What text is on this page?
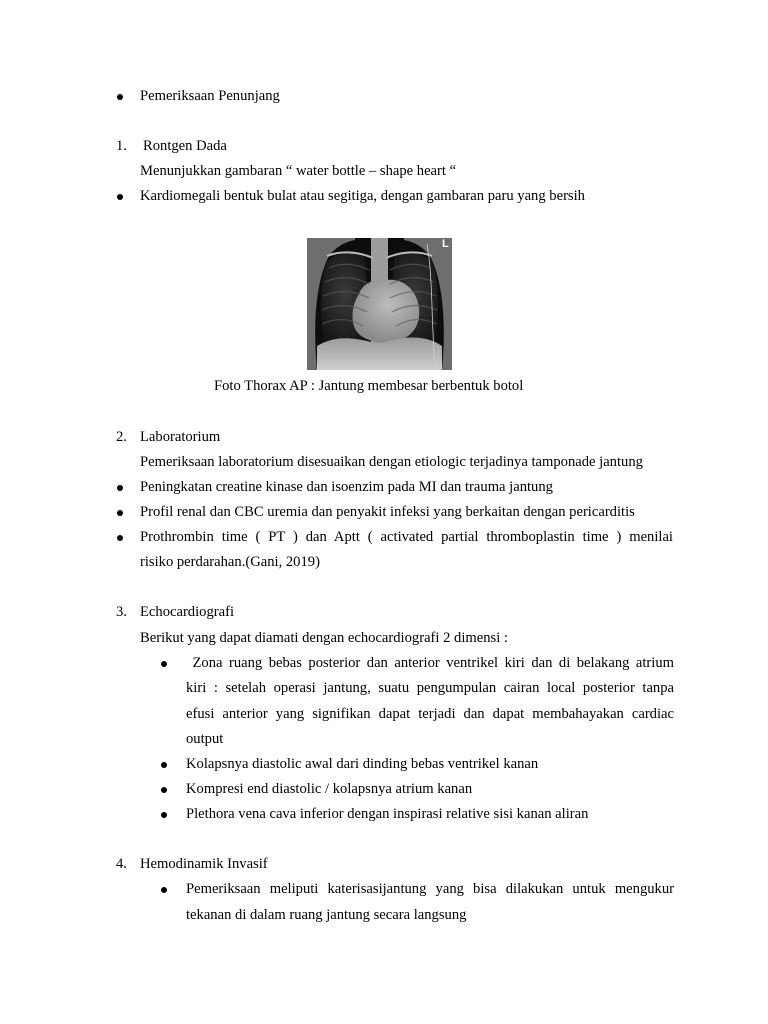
Pemeriksaan Penunjang
1. Rontgen Dada
Menunjukkan gambaran “ water bottle – shape heart “
Kardiomegali bentuk bulat atau segitiga, dengan gambaran paru yang bersih
L
Foto Thorax AP : Jantung membesar berbentuk botol
2. Laboratorium
Pemeriksaan laboratorium disesuaikan dengan etiologic terjadinya tamponade jantung
Peningkatan creatine kinase dan isoenzim pada MI dan trauma jantung
Profil renal dan CBC uremia dan penyakit infeksi yang berkaitan dengan pericarditis
Prothrombin time ( PT ) dan Aptt ( activated partial thromboplastin time ) menilai
risiko perdarahan.(Gani, 2019)
3. Echocardiografi
Berikut yang dapat diamati dengan echocardiografi 2 dimensi :
Zona ruang bebas posterior dan anterior ventrikel kiri dan di belakang atrium
kiri : setelah operasi jantung, suatu pengumpulan cairan local posterior tanpa
efusi anterior yang signifikan dapat terjadi dan dapat membahayakan cardiac
output
Kolapsnya diastolic awal dari dinding bebas ventrikel kanan
Kompresi end diastolic / kolapsnya atrium kanan
Plethora vena cava inferior dengan inspirasi relative sisi kanan aliran
4. Hemodinamik Invasif
Pemeriksaan meliputi katerisasijantung yang bisa dilakukan untuk mengukur
tekanan di dalam ruang jantung secara langsung
